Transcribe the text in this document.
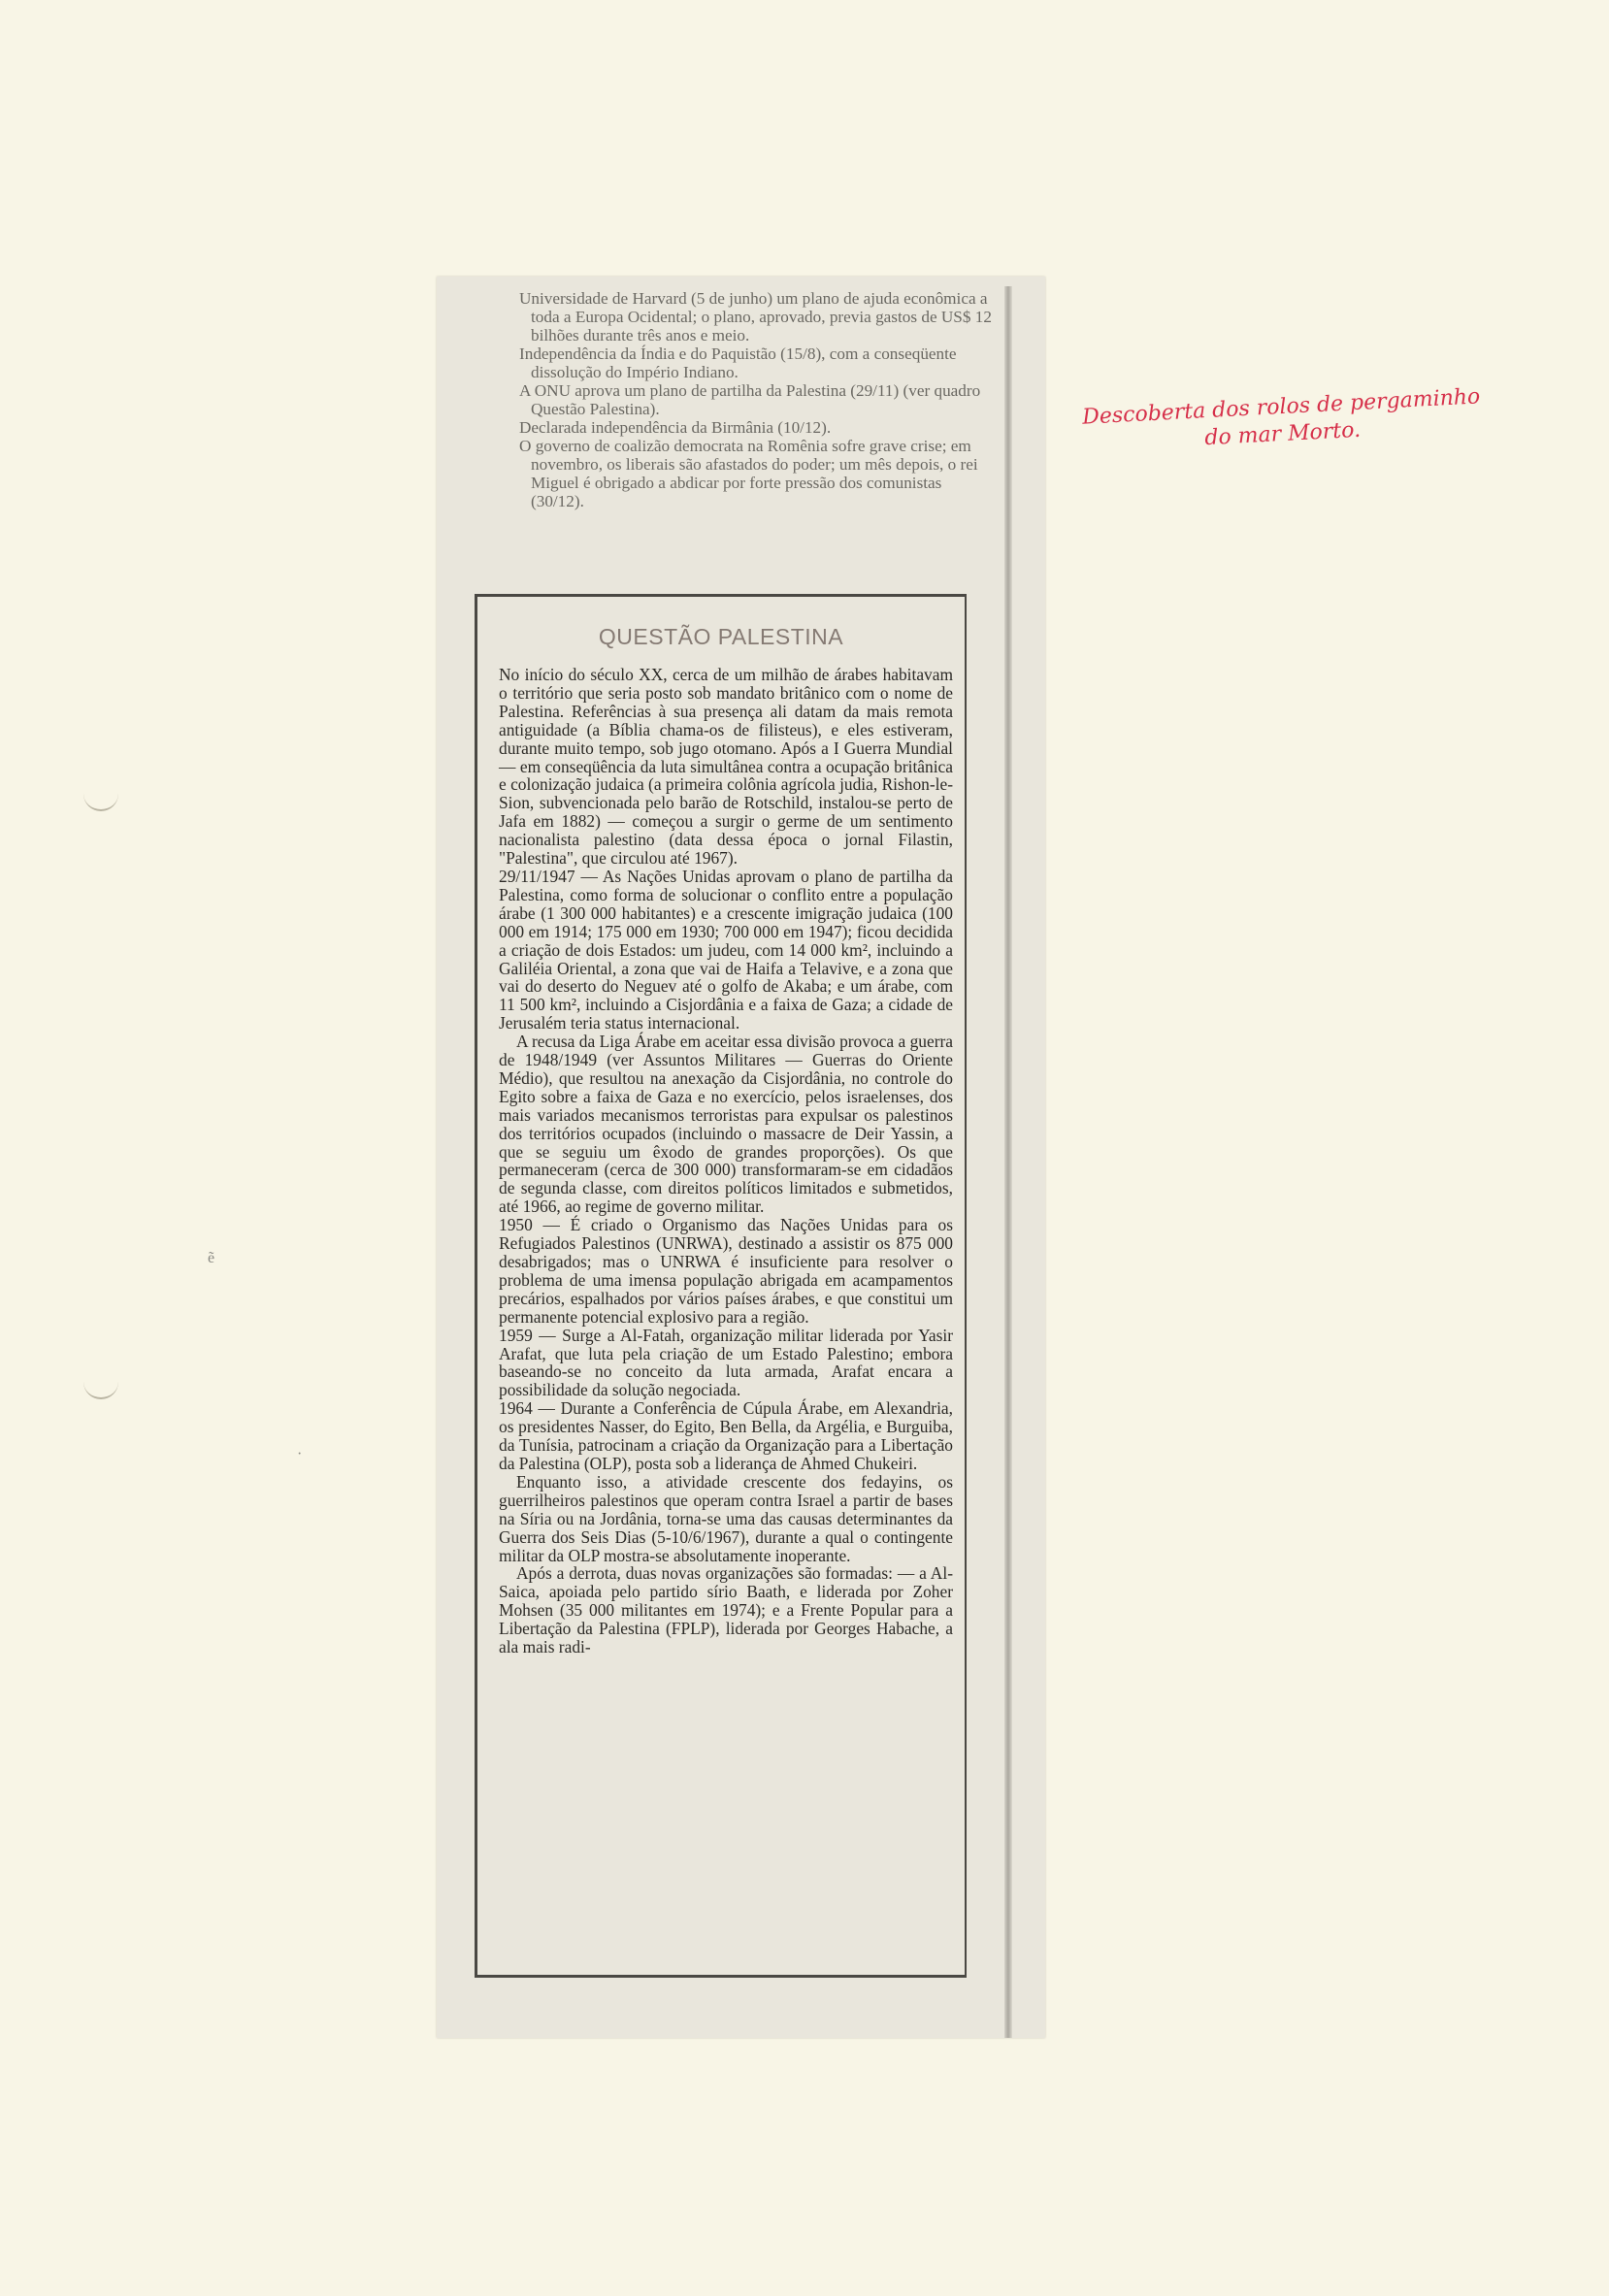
ẽ
·

Universidade de Harvard (5 de junho) um plano de ajuda econômica a toda a Europa Ocidental; o plano, aprovado, previa gastos de US$ 12 bilhões durante três anos e meio.

Independência da Índia e do Paquistão (15/8), com a conseqüente dissolução do Império Indiano.

A ONU aprova um plano de partilha da Palestina (29/11) (ver quadro Questão Palestina).

Declarada independência da Birmânia (10/12).

O governo de coalizão democrata na Romênia sofre grave crise; em novembro, os liberais são afastados do poder; um mês depois, o rei Miguel é obrigado a abdicar por forte pressão dos comunistas (30/12).

QUESTÃO PALESTINA

No início do século XX, cerca de um milhão de árabes habitavam o território que seria posto sob mandato britânico com o nome de Palestina. Referências à sua presença ali datam da mais remota antiguidade (a Bíblia chama-os de filisteus), e eles estiveram, durante muito tempo, sob jugo otomano. Após a I Guerra Mundial — em conseqüência da luta simultânea contra a ocupação britânica e colonização judaica (a primeira colônia agrícola judia, Rishon-le-Sion, subvencionada pelo barão de Rotschild, instalou-se perto de Jafa em 1882) — começou a surgir o germe de um sentimento nacionalista palestino (data dessa época o jornal Filastin, "Palestina", que circulou até 1967).

29/11/1947 — As Nações Unidas aprovam o plano de partilha da Palestina, como forma de solucionar o conflito entre a população árabe (1 300 000 habitantes) e a crescente imigração judaica (100 000 em 1914; 175 000 em 1930; 700 000 em 1947); ficou decidida a criação de dois Estados: um judeu, com 14 000 km², incluindo a Galiléia Oriental, a zona que vai de Haifa a Telavive, e a zona que vai do deserto do Neguev até o golfo de Akaba; e um árabe, com 11 500 km², incluindo a Cisjordânia e a faixa de Gaza; a cidade de Jerusalém teria status internacional.

A recusa da Liga Árabe em aceitar essa divisão provoca a guerra de 1948/1949 (ver Assuntos Militares — Guerras do Oriente Médio), que resultou na anexação da Cisjordânia, no controle do Egito sobre a faixa de Gaza e no exercício, pelos israelenses, dos mais variados mecanismos terroristas para expulsar os palestinos dos territórios ocupados (incluindo o massacre de Deir Yassin, a que se seguiu um êxodo de grandes proporções). Os que permaneceram (cerca de 300 000) transformaram-se em cidadãos de segunda classe, com direitos políticos limitados e submetidos, até 1966, ao regime de governo militar.

1950 — É criado o Organismo das Nações Unidas para os Refugiados Palestinos (UNRWA), destinado a assistir os 875 000 desabrigados; mas o UNRWA é insuficiente para resolver o problema de uma imensa população abrigada em acampamentos precários, espalhados por vários países árabes, e que constitui um permanente potencial explosivo para a região.

1959 — Surge a Al-Fatah, organização militar liderada por Yasir Arafat, que luta pela criação de um Estado Palestino; embora baseando-se no conceito da luta armada, Arafat encara a possibilidade da solução negociada.

1964 — Durante a Conferência de Cúpula Árabe, em Alexandria, os presidentes Nasser, do Egito, Ben Bella, da Argélia, e Burguiba, da Tunísia, patrocinam a criação da Organização para a Libertação da Palestina (OLP), posta sob a liderança de Ahmed Chukeiri.

Enquanto isso, a atividade crescente dos fedayins, os guerrilheiros palestinos que operam contra Israel a partir de bases na Síria ou na Jordânia, torna-se uma das causas determinantes da Guerra dos Seis Dias (5-10/6/1967), durante a qual o contingente militar da OLP mostra-se absolutamente inoperante.

Após a derrota, duas novas organizações são formadas: — a Al-Saica, apoiada pelo partido sírio Baath, e liderada por Zoher Mohsen (35 000 militantes em 1974); e a Frente Popular para a Libertação da Palestina (FPLP), liderada por Georges Habache, a ala mais radi-

Descoberta dos rolos de pergaminho do mar Morto.
